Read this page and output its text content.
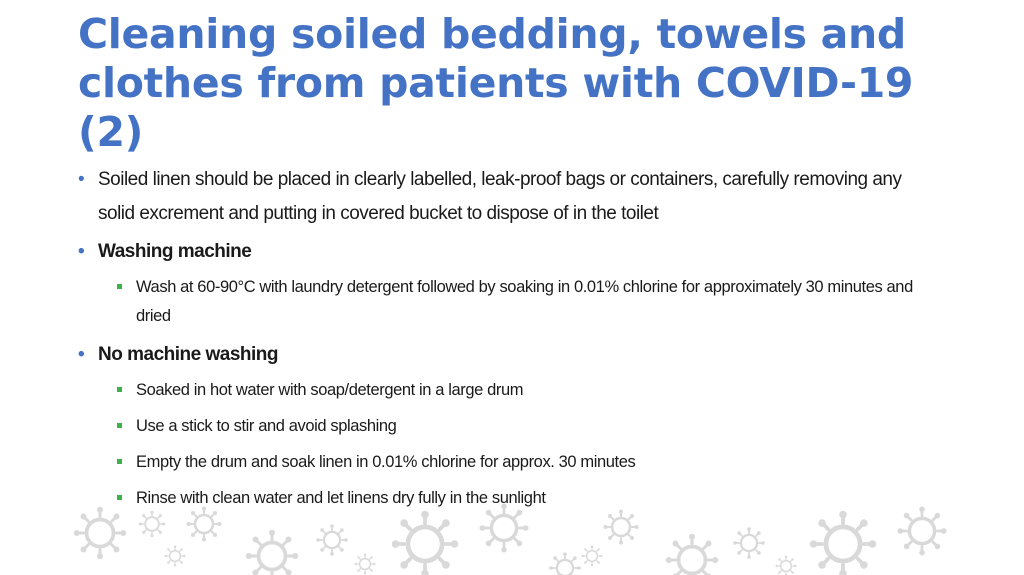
Cleaning soiled bedding, towels and clothes from patients with COVID-19 (2)
• Soiled linen should be placed in clearly labelled, leak-proof bags or containers, carefully removing any solid excrement and putting in covered bucket to dispose of in the toilet
• Washing machine
Wash at 60-90°C with laundry detergent followed by soaking in 0.01% chlorine for approximately 30 minutes and dried
• No machine washing
Soaked in hot water with soap/detergent in a large drum
Use a stick to stir and avoid splashing
Empty the drum and soak linen in 0.01% chlorine for approx. 30 minutes
Rinse with clean water and let linens dry fully in the sunlight
